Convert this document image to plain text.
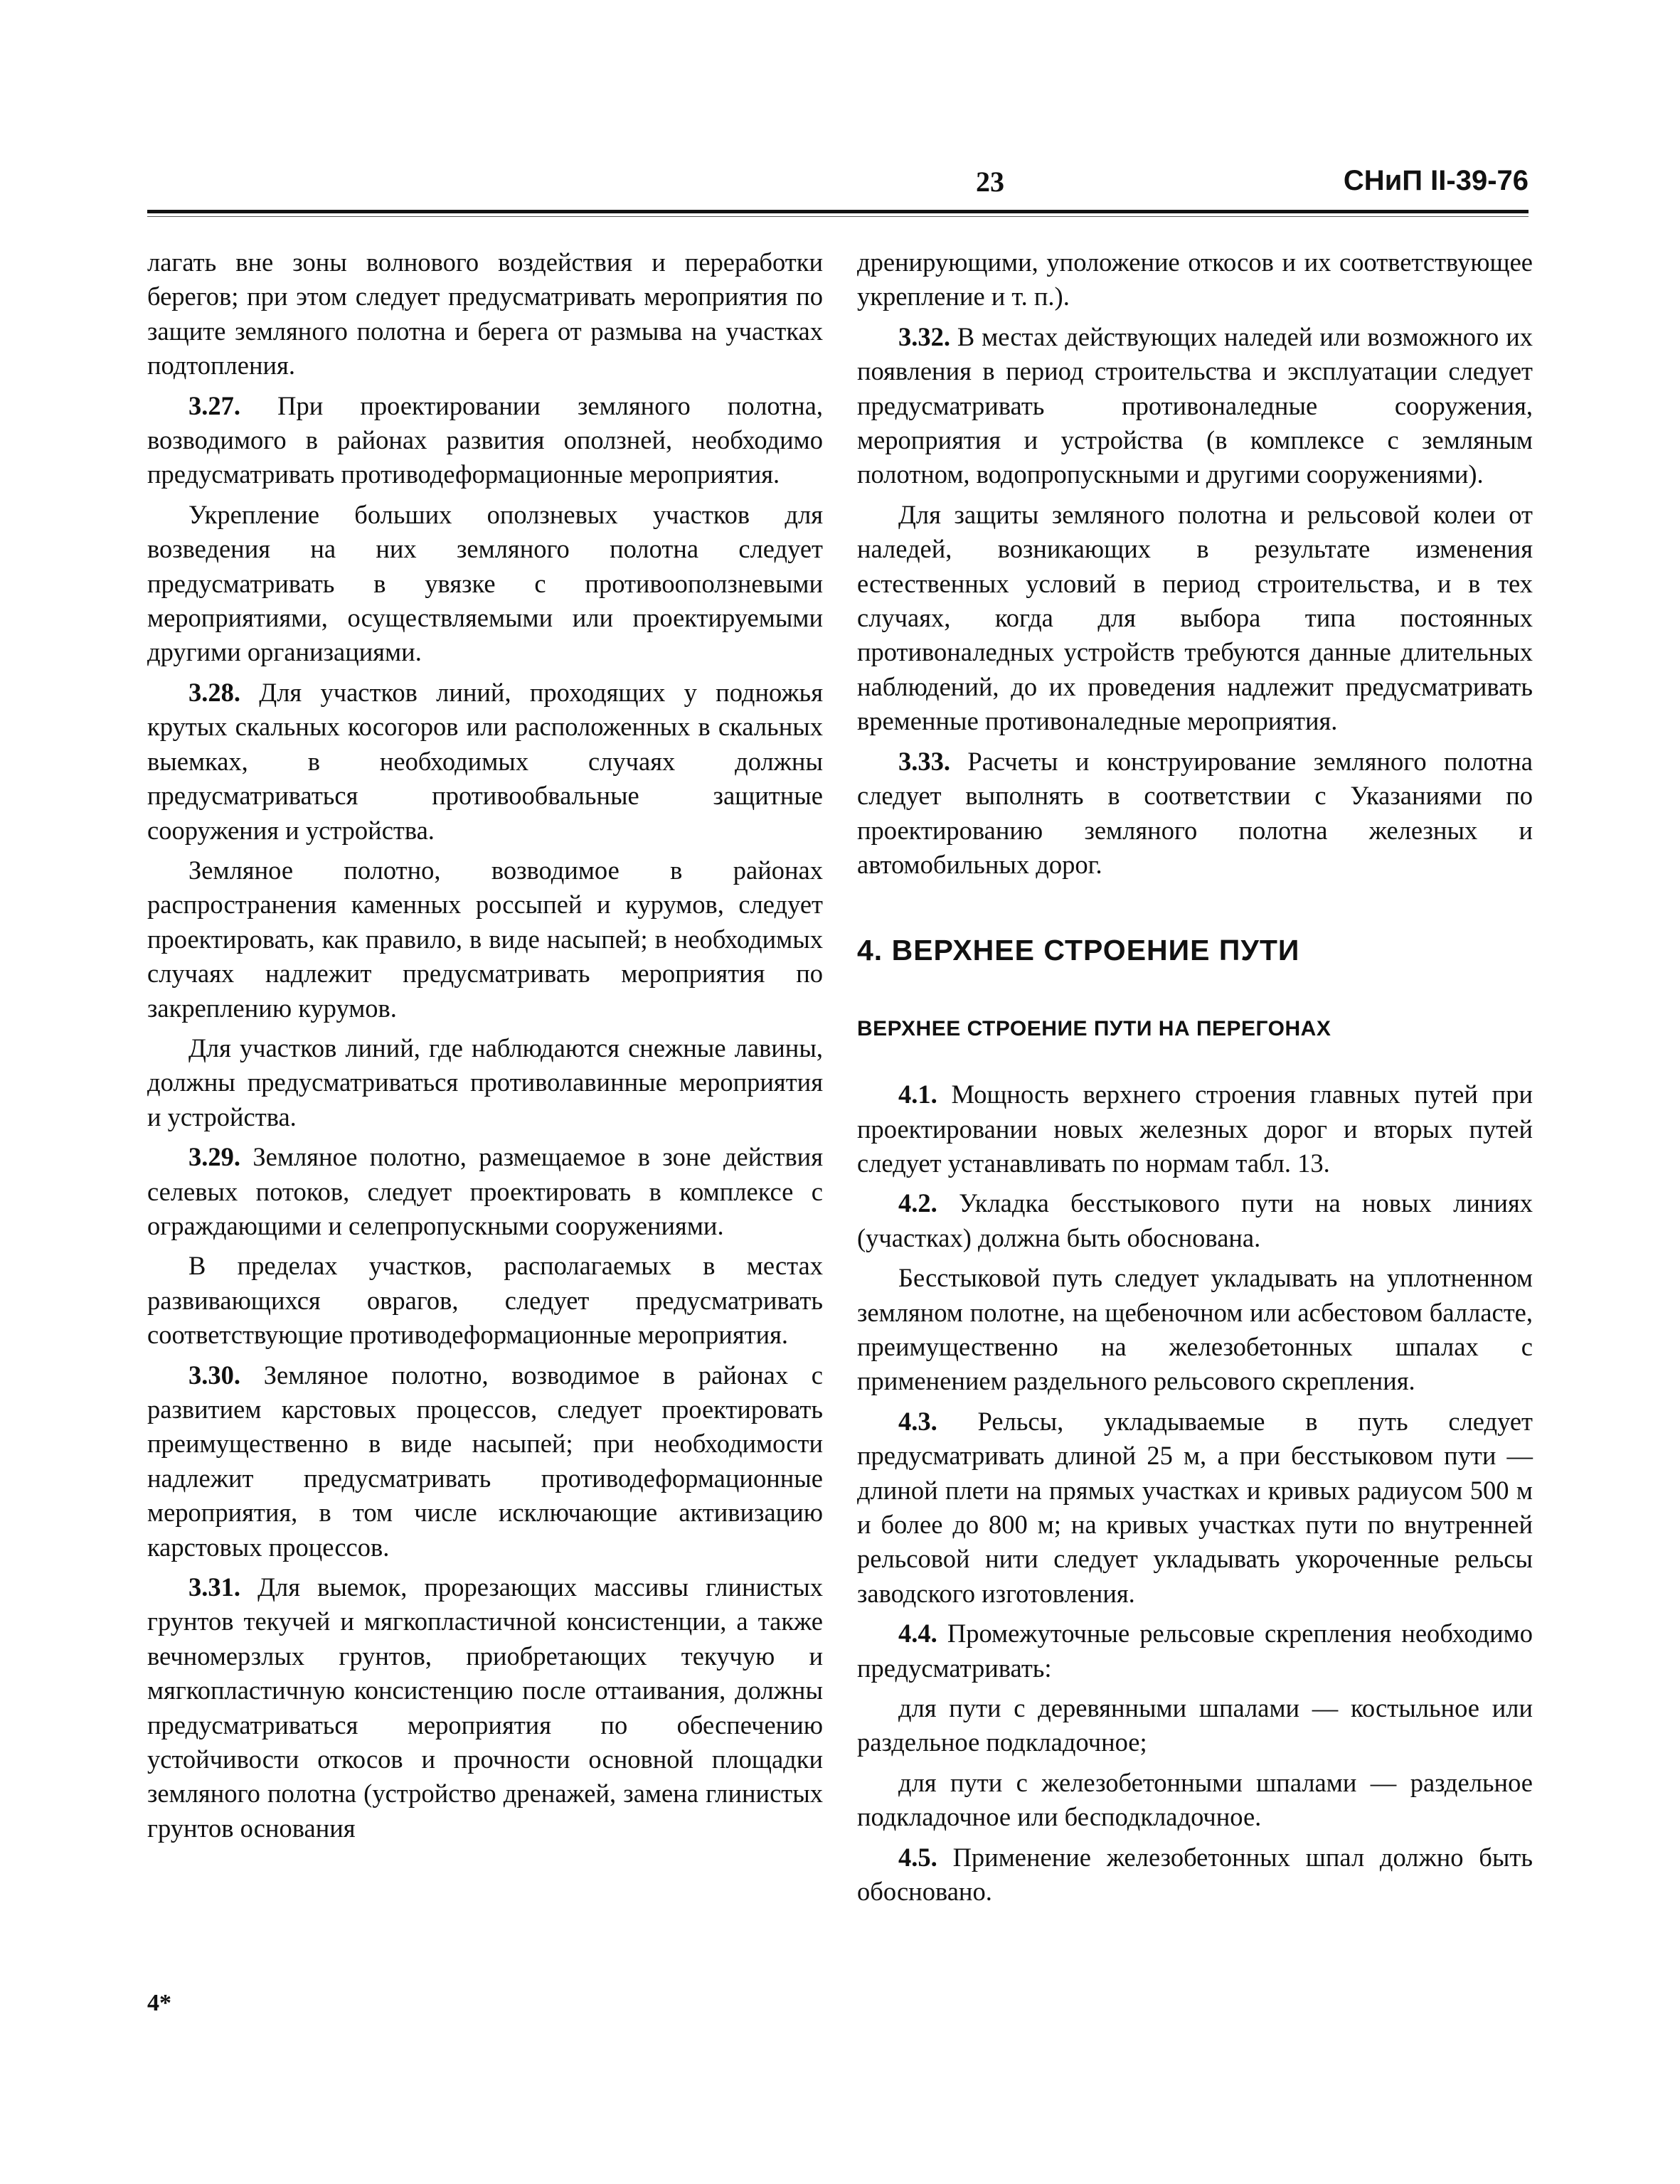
23	СНиП II-39-76

лагать вне зоны волнового воздействия и переработки берегов; при этом следует предусматривать мероприятия по защите земляного полотна и берега от размыва на участках подтопления.

3.27. При проектировании земляного полотна, возводимого в районах развития оползней, необходимо предусматривать противодеформационные мероприятия.

Укрепление больших оползневых участков для возведения на них земляного полотна следует предусматривать в увязке с противооползневыми мероприятиями, осуществляемыми или проектируемыми другими организациями.

3.28. Для участков линий, проходящих у подножья крутых скальных косогоров или расположенных в скальных выемках, в необходимых случаях должны предусматриваться противообвальные защитные сооружения и устройства.

Земляное полотно, возводимое в районах распространения каменных россыпей и курумов, следует проектировать, как правило, в виде насыпей; в необходимых случаях надлежит предусматривать мероприятия по закреплению курумов.

Для участков линий, где наблюдаются снежные лавины, должны предусматриваться противолавинные мероприятия и устройства.

3.29. Земляное полотно, размещаемое в зоне действия селевых потоков, следует проектировать в комплексе с ограждающими и селепропускными сооружениями.

В пределах участков, располагаемых в местах развивающихся оврагов, следует предусматривать соответствующие противодеформационные мероприятия.

3.30. Земляное полотно, возводимое в районах с развитием карстовых процессов, следует проектировать преимущественно в виде насыпей; при необходимости надлежит предусматривать противодеформационные мероприятия, в том числе исключающие активизацию карстовых процессов.

3.31. Для выемок, прорезающих массивы глинистых грунтов текучей и мягкопластичной консистенции, а также вечномерзлых грунтов, приобретающих текучую и мягкопластичную консистенцию после оттаивания, должны предусматриваться мероприятия по обеспечению устойчивости откосов и прочности основной площадки земляного полотна (устройство дренажей, замена глинистых грунтов основания

дренирующими, уположение откосов и их соответствующее укрепление и т. п.).

3.32. В местах действующих наледей или возможного их появления в период строительства и эксплуатации следует предусматривать противоналедные сооружения, мероприятия и устройства (в комплексе с земляным полотном, водопропускными и другими сооружениями).

Для защиты земляного полотна и рельсовой колеи от наледей, возникающих в результате изменения естественных условий в период строительства, и в тех случаях, когда для выбора типа постоянных противоналедных устройств требуются данные длительных наблюдений, до их проведения надлежит предусматривать временные противоналедные мероприятия.

3.33. Расчеты и конструирование земляного полотна следует выполнять в соответствии с Указаниями по проектированию земляного полотна железных и автомобильных дорог.

4. ВЕРХНЕЕ СТРОЕНИЕ ПУТИ
ВЕРХНЕЕ СТРОЕНИЕ ПУТИ НА ПЕРЕГОНАХ

4.1. Мощность верхнего строения главных путей при проектировании новых железных дорог и вторых путей следует устанавливать по нормам табл. 13.

4.2. Укладка бесстыкового пути на новых линиях (участках) должна быть обоснована.

Бесстыковой путь следует укладывать на уплотненном земляном полотне, на щебеночном или асбестовом балласте, преимущественно на железобетонных шпалах с применением раздельного рельсового скрепления.

4.3. Рельсы, укладываемые в путь следует предусматривать длиной 25 м, а при бесстыковом пути — длиной плети на прямых участках и кривых радиусом 500 м и более до 800 м; на кривых участках пути по внутренней рельсовой нити следует укладывать укороченные рельсы заводского изготовления.

4.4. Промежуточные рельсовые скрепления необходимо предусматривать:

для пути с деревянными шпалами — костыльное или раздельное подкладочное;

для пути с железобетонными шпалами — раздельное подкладочное или бесподкладочное.

4.5. Применение железобетонных шпал должно быть обосновано.

4*
